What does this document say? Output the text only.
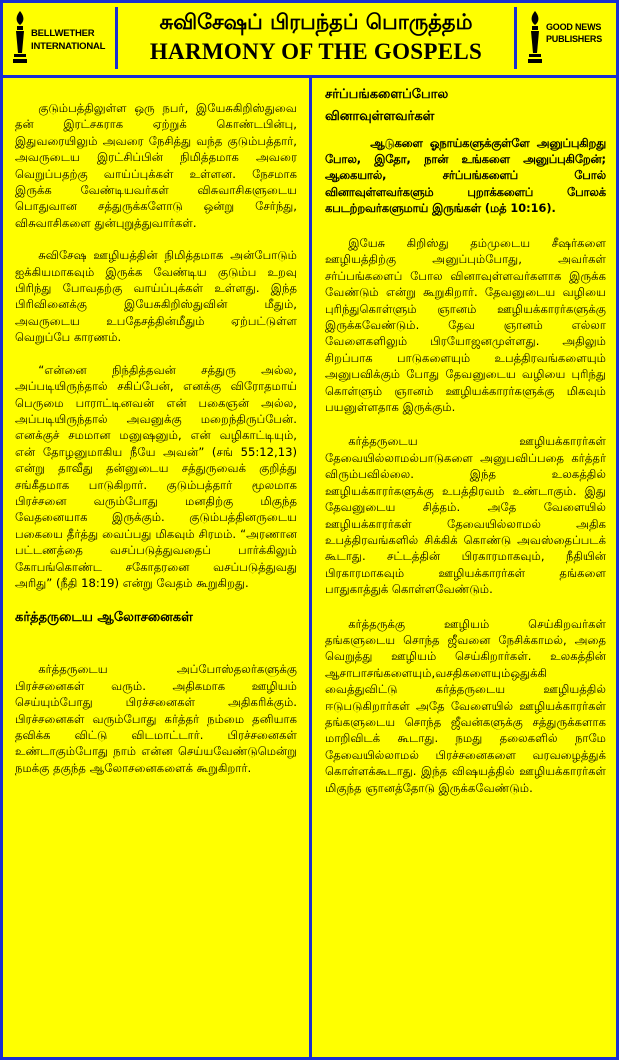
BELLWETHER
INTERNATIONAL
சுவிசேஷப் பிரபந்தப் பொருத்தம்
HARMONY OF THE GOSPELS
GOOD NEWS
PUBLISHERS

குடும்பத்திலுள்ள ஒரு நபர், இயேசுகிறிஸ்துவை தன் இரட்சகராக ஏற்றுக் கொண்டபின்பு, இதுவரையிலும் அவரை நேசித்து வந்த குடும்பத்தார், அவருடைய இரட்சிப்பின் நிமித்தமாக அவரை வெறுப்பதற்கு வாய்ப்புக்கள் உள்ளன. நேசமாக இருக்க வேண்டியவர்கள் விசுவாசிகளுடைய பொதுவான சத்துருக்களோடு ஒன்று சேர்ந்து, விசுவாசிகளை துன்புறுத்துவார்கள்.

சுவிசேஷ ஊழியத்தின் நிமித்தமாக அன்போடும் ஐக்கியமாகவும் இருக்க வேண்டிய குடும்ப உறவு பிரிந்து போவதற்கு வாய்ப்புக்கள் உள்ளது. இந்த பிரிவினைக்கு இயேசுகிறிஸ்துவின் மீதும், அவருடைய உபதேசத்தின்மீதும் ஏற்பட்டுள்ள வெறுப்பே காரணம்.

“என்னை நிந்தித்தவன் சத்துரு அல்ல, அப்படியிருந்தால் சகிப்பேன், எனக்கு விரோதமாய் பெருமை பாராட்டினவன் என் பகைஞன் அல்ல, அப்படியிருந்தால் அவனுக்கு மறைந்திருப்பேன். எனக்குச் சமமான மனுஷனும், என் வழிகாட்டியும், என் தோழனுமாகிய நீயே அவன்” (சங் 55:12,13) என்று தாவீது தன்னுடைய சத்துருவைக் குறித்து சங்கீதமாக பாடுகிறார். குடும்பத்தார் மூலமாக பிரச்சனை வரும்போது மனதிற்கு மிகுந்த வேதனையாக இருக்கும். குடும்பத்தினருடைய பகையை தீர்த்து வைப்பது மிகவும் சிரமம். “அரணான பட்டணத்தை வசப்படுத்துவதைப் பார்க்கிலும் கோபங்கொண்ட சகோதரனை வசப்படுத்துவது அரிது” (நீதி 18:19) என்று வேதம் கூறுகிறது.

கர்த்தருடைய ஆலோசனைகள்

கர்த்தருடைய அப்போஸ்தலர்களுக்கு பிரச்சனைகள் வரும். அதிகமாக ஊழியம் செய்யும்போது பிரச்சனைகள் அதிகரிக்கும். பிரச்சனைகள் வரும்போது கர்த்தர் நம்மை தனியாக தவிக்க விட்டு விடமாட்டார். பிரச்சனைகள் உண்டாகும்போது நாம் என்ன செய்யவேண்டுமென்று நமக்கு தகுந்த ஆலோசனைகளைக் கூறுகிறார்.

சர்ப்பங்களைப்போல
வினாவுள்ளவர்கள்
ஆடுகளை ஓநாய்களுக்குள்ளே அனுப்புகிறது போல, இதோ, நான் உங்களை அனுப்புகிறேன்; ஆகையால், சர்ப்பங்களைப் போல் வினாவுள்ளவர்களும் புறாக்களைப் போலக் கபடற்றவர்களுமாய் இருங்கள் (மத் 10:16).

இயேசு கிறிஸ்து தம்முடைய சீஷர்களை ஊழியத்திற்கு அனுப்பும்போது, அவர்கள் சர்ப்பங்களைப் போல வினாவுள்ளவர்களாக இருக்க வேண்டும் என்று கூறுகிறார். தேவனுடைய வழியை புரிந்துகொள்ளும் ஞானம் ஊழியக்காரர்களுக்கு இருக்கவேண்டும். தேவ ஞானம் எல்லா வேளைகளிலும் பிரயோஜனமுள்ளது. அதிலும் சிறப்பாக பாடுகளையும் உபத்திரவங்களையும் அனுபவிக்கும் போது தேவனுடைய வழியை புரிந்து கொள்ளும் ஞானம் ஊழியக்காரர்களுக்கு மிகவும் பயனுள்ளதாக இருக்கும்.

கர்த்தருடைய ஊழியக்காரர்கள் தேவையில்லாமல்பாடுகளை அனுபவிப்பதை கர்த்தர் விரும்பவில்லை. இந்த உலகத்தில் ஊழியக்காரர்களுக்கு உபத்திரவம் உண்டாகும். இது தேவனுடைய சித்தம். அதே வேளையில் ஊழியக்காரர்கள் தேவையில்லாமல் அதிக உபத்திரவங்களில் சிக்கிக் கொண்டு அவஸ்தைப்படக் கூடாது. சட்டத்தின் பிரகாரமாகவும், நீதியின் பிரகாரமாகவும் ஊழியக்காரர்கள் தங்களை பாதுகாத்துக் கொள்ளவேண்டும்.

கர்த்தருக்கு ஊழியம் செய்கிறவர்கள் தங்களுடைய சொந்த ஜீவனை நேசிக்காமல், அதை வெறுத்து ஊழியம் செய்கிறார்கள். உலகத்தின் ஆசாபாசங்களையும்,வசதிகளையும்ஒதுக்கி வைத்துவிட்டு கர்த்தருடைய ஊழியத்தில் ஈடுபடுகிறார்கள் அதே வேளையில் ஊழியக்காரர்கள் தங்களுடைய சொந்த ஜீவன்களுக்கு சத்துருக்களாக மாறிவிடக் கூடாது. நமது தலைகளில் நாமே தேவையில்லாமல் பிரச்சனைகளை வரவழைத்துக் கொள்ளக்கூடாது. இந்த விஷயத்தில் ஊழியக்காரர்கள் மிகுந்த ஞானத்தோடு இருக்கவேண்டும்.
